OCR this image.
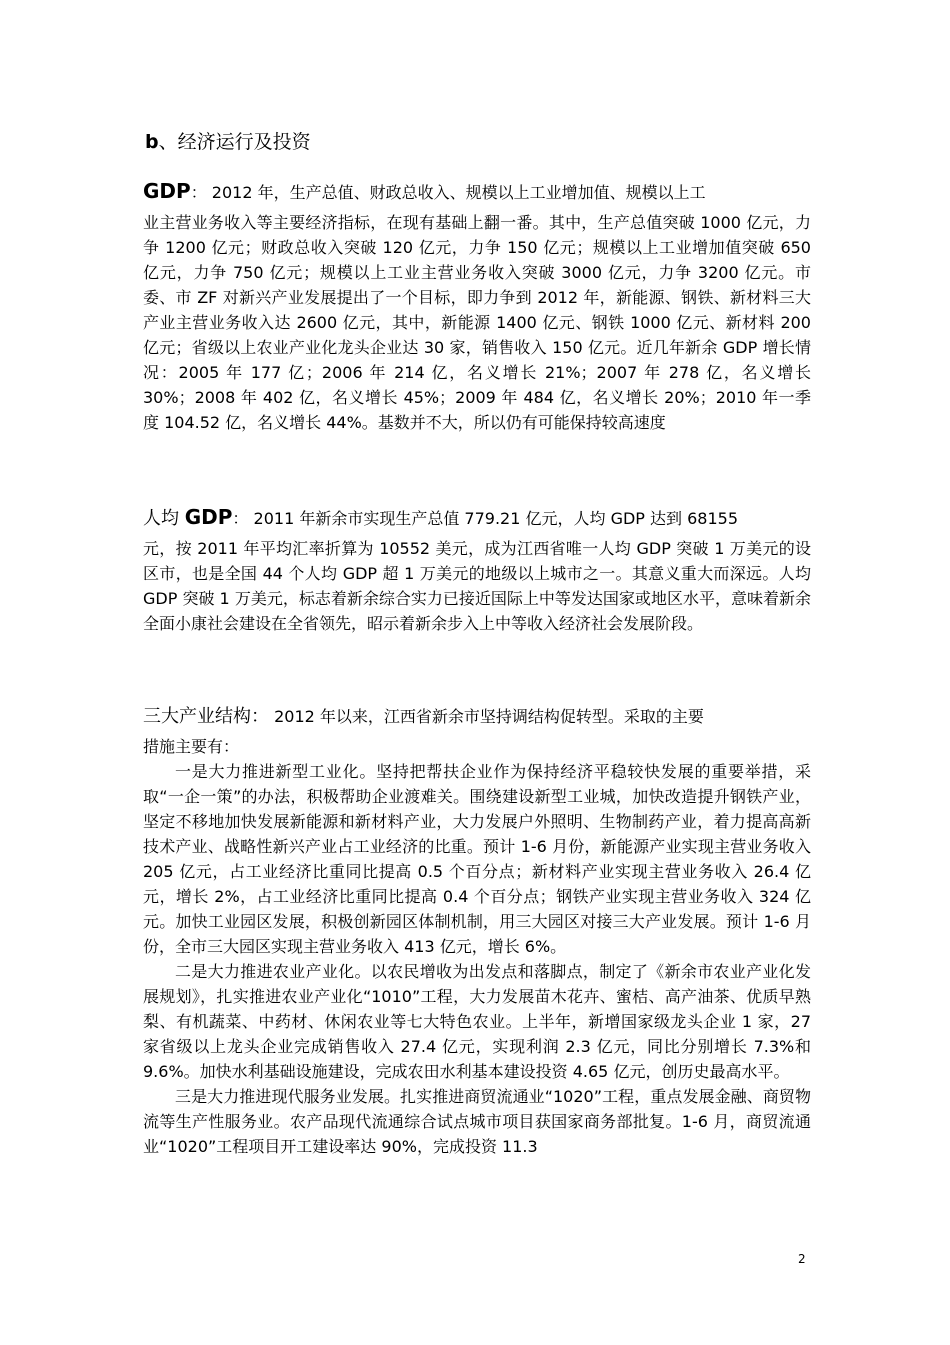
b、经济运行及投资
GDP： 2012 年，生产总值、财政总收入、规模以上工业增加值、规模以上工
业主营业务收入等主要经济指标，在现有基础上翻一番。其中，生产总值突破 1000 亿元，力争 1200 亿元；财政总收入突破 120 亿元，力争 150 亿元；规模以上工业增加值突破 650 亿元，力争 750 亿元；规模以上工业主营业务收入突破 3000 亿元，力争 3200 亿元。市委、市 ZF 对新兴产业发展提出了一个目标，即力争到 2012 年，新能源、钢铁、新材料三大产业主营业务收入达 2600 亿元，其中，新能源 1400 亿元、钢铁 1000 亿元、新材料 200 亿元；省级以上农业产业化龙头企业达 30 家，销售收入 150 亿元。近几年新余 GDP 增长情况：2005 年 177 亿；2006 年 214 亿，名义增长 21%；2007 年 278 亿，名义增长 30%；2008 年 402 亿，名义增长 45%；2009 年 484 亿，名义增长 20%；2010 年一季度 104.52 亿，名义增长 44%。基数并不大，所以仍有可能保持较高速度
人均 GDP： 2011 年新余市实现生产总值 779.21 亿元，人均 GDP 达到 68155
元，按 2011 年平均汇率折算为 10552 美元，成为江西省唯一人均 GDP 突破 1 万美元的设区市，也是全国 44 个人均 GDP 超 1 万美元的地级以上城市之一。其意义重大而深远。人均 GDP 突破 1 万美元，标志着新余综合实力已接近国际上中等发达国家或地区水平，意味着新余全面小康社会建设在全省领先，昭示着新余步入上中等收入经济社会发展阶段。
三大产业结构： 2012 年以来，江西省新余市坚持调结构促转型。采取的主要
措施主要有：
一是大力推进新型工业化。坚持把帮扶企业作为保持经济平稳较快发展的重要举措，采取“一企一策”的办法，积极帮助企业渡难关。围绕建设新型工业城，加快改造提升钢铁产业，坚定不移地加快发展新能源和新材料产业，大力发展户外照明、生物制药产业，着力提高高新技术产业、战略性新兴产业占工业经济的比重。预计 1-6 月份，新能源产业实现主营业务收入 205 亿元，占工业经济比重同比提高 0.5 个百分点；新材料产业实现主营业务收入 26.4 亿元，增长 2%，占工业经济比重同比提高 0.4 个百分点；钢铁产业实现主营业务收入 324 亿元。加快工业园区发展，积极创新园区体制机制，用三大园区对接三大产业发展。预计 1-6 月份，全市三大园区实现主营业务收入 413 亿元，增长 6%。
二是大力推进农业产业化。以农民增收为出发点和落脚点，制定了《新余市农业产业化发展规划》，扎实推进农业产业化“1010”工程，大力发展苗木花卉、蜜桔、高产油茶、优质早熟梨、有机蔬菜、中药材、休闲农业等七大特色农业。上半年，新增国家级龙头企业 1 家，27 家省级以上龙头企业完成销售收入 27.4 亿元，实现利润 2.3 亿元，同比分别增长 7.3%和 9.6%。加快水利基础设施建设，完成农田水利基本建设投资 4.65 亿元，创历史最高水平。
三是大力推进现代服务业发展。扎实推进商贸流通业“1020”工程，重点发展金融、商贸物流等生产性服务业。农产品现代流通综合试点城市项目获国家商务部批复。1-6 月，商贸流通业“1020”工程项目开工建设率达 90%，完成投资 11.3
2
